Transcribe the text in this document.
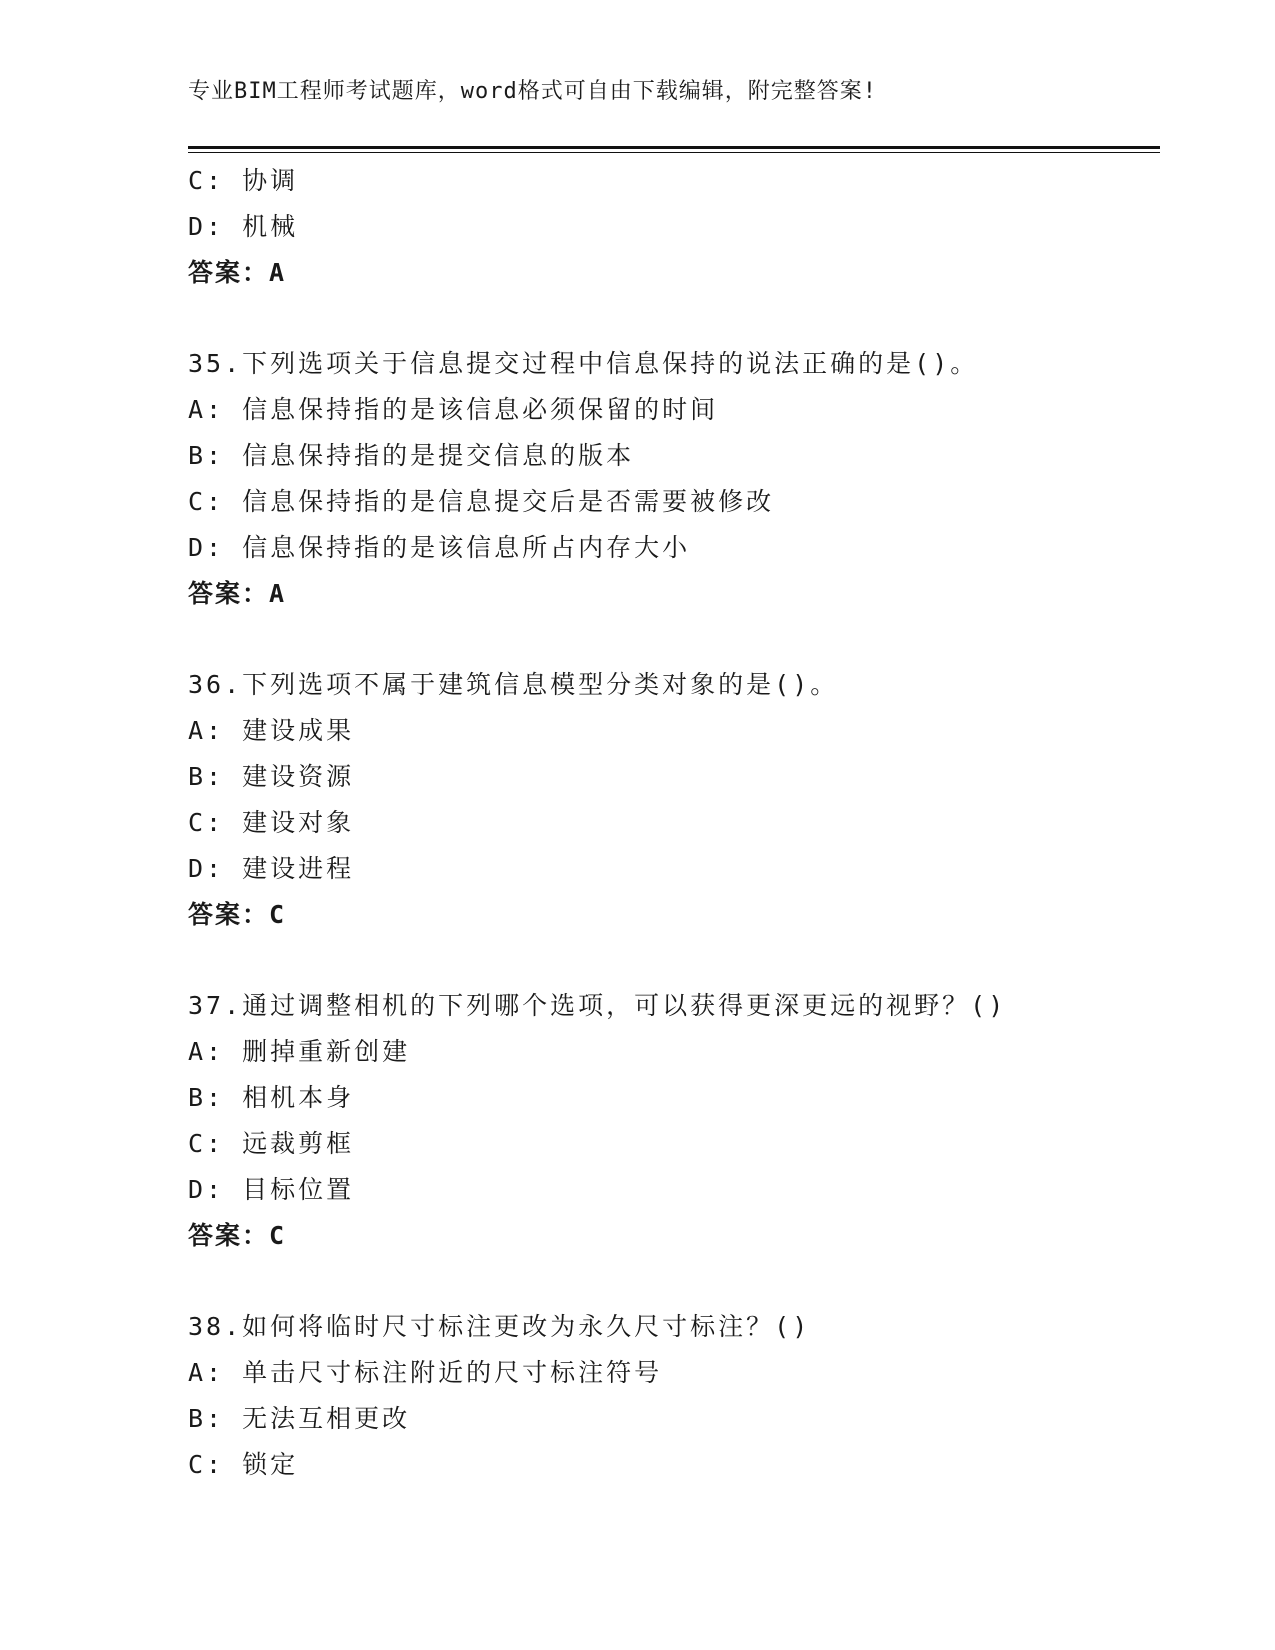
专业BIM工程师考试题库，word格式可自由下载编辑，附完整答案!
C: 协调
D: 机械
答案：A
35.下列选项关于信息提交过程中信息保持的说法正确的是()。
A: 信息保持指的是该信息必须保留的时间
B: 信息保持指的是提交信息的版本
C: 信息保持指的是信息提交后是否需要被修改
D: 信息保持指的是该信息所占内存大小
答案：A
36.下列选项不属于建筑信息模型分类对象的是()。
A: 建设成果
B: 建设资源
C: 建设对象
D: 建设进程
答案：C
37.通过调整相机的下列哪个选项，可以获得更深更远的视野？()
A: 删掉重新创建
B: 相机本身
C: 远裁剪框
D: 目标位置
答案：C
38.如何将临时尺寸标注更改为永久尺寸标注？()
A: 单击尺寸标注附近的尺寸标注符号
B: 无法互相更改
C: 锁定
